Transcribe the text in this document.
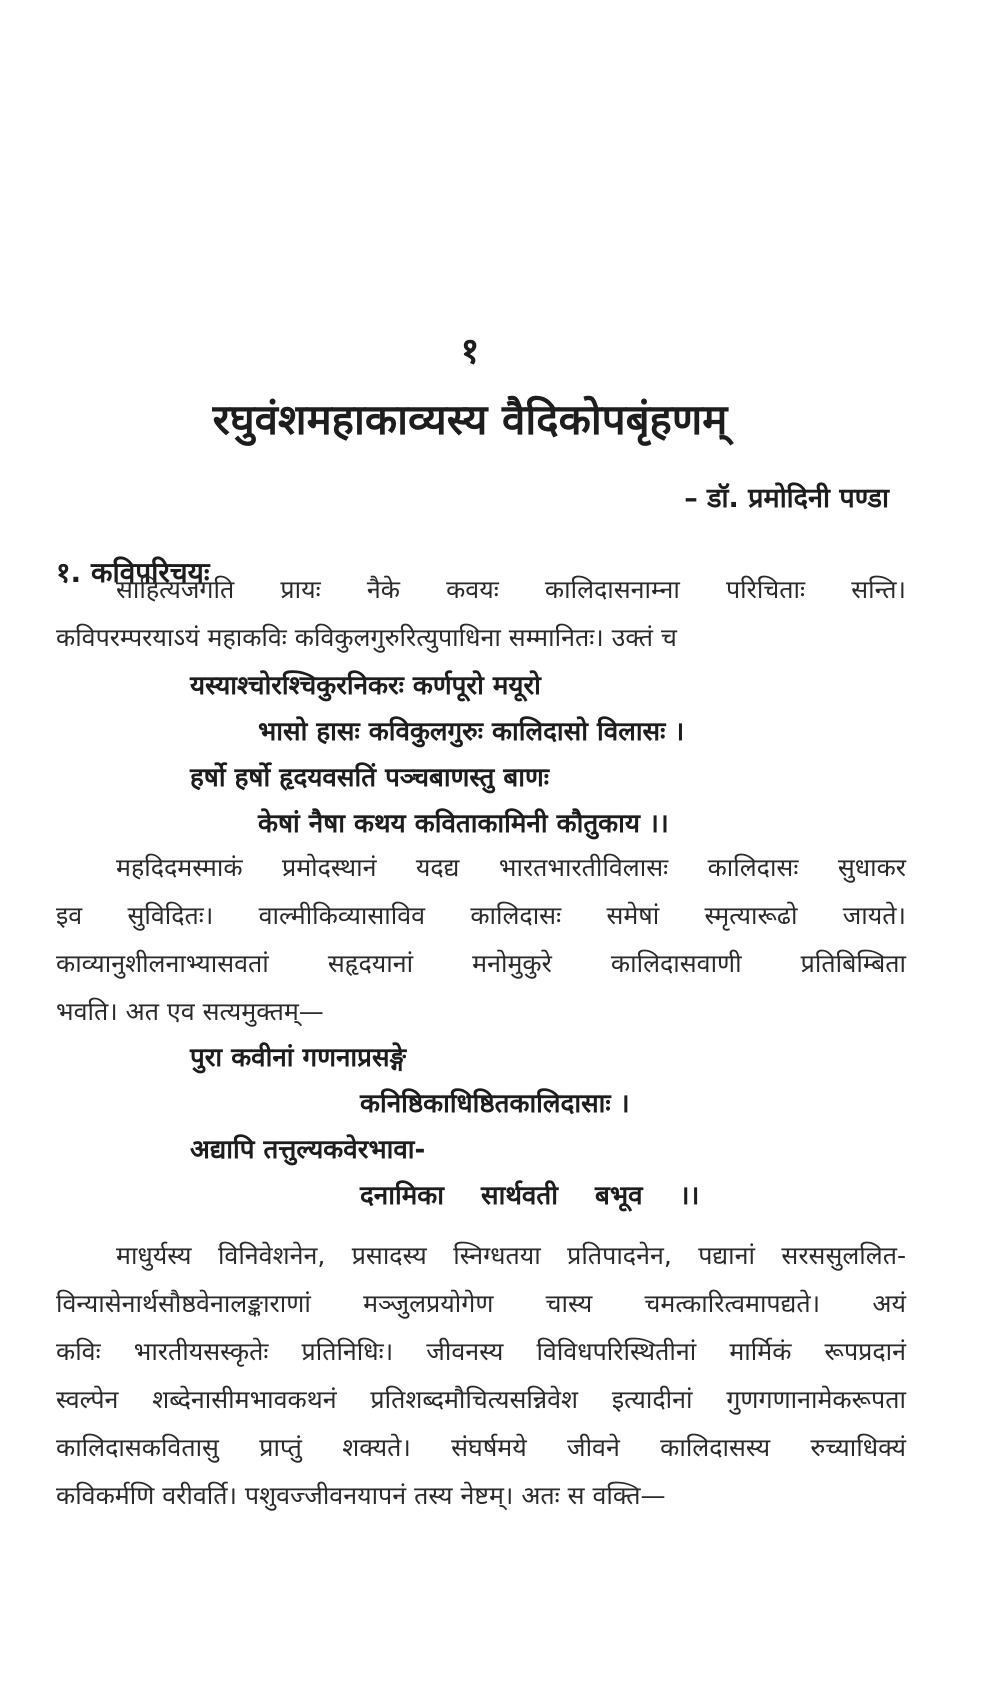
१
रघुवंशमहाकाव्यस्य वैदिकोपबृंहणम्
– डॉ. प्रमोदिनी पण्डा
१. कविपरिचयः
साहित्यजगति प्रायः नैके कवयः कालिदासनाम्ना परिचिताः सन्ति।
कविपरम्परयाऽयं महाकविः कविकुलगुरुरित्युपाधिना सम्मानितः। उक्तं च
यस्याश्चोरश्चिकुरनिकरः कर्णपूरो मयूरो
भासो हासः कविकुलगुरुः कालिदासो विलासः ।
हर्षो हर्षो हृदयवसतिं पञ्चबाणस्तु बाणः
केषां नैषा कथय कविताकामिनी कौतुकाय ।।
महदिदमस्माकं प्रमोदस्थानं यदद्य भारतभारतीविलासः कालिदासः सुधाकर
इव सुविदितः। वाल्मीकिव्यासाविव कालिदासः समेषां स्मृत्यारूढो जायते।
काव्यानुशीलनाभ्यासवतां सहृदयानां मनोमुकुरे कालिदासवाणी प्रतिबिम्बिता
भवति। अत एव सत्यमुक्तम्—
पुरा कवीनां गणनाप्रसङ्गे
कनिष्ठिकाधिष्ठितकालिदासाः ।
अद्यापि तत्तुल्यकवेरभावा-
दनामिका सार्थवती बभूव ।।
माधुर्यस्य विनिवेशनेन, प्रसादस्य स्निग्धतया प्रतिपादनेन, पद्यानां सरससुललित-
विन्यासेनार्थसौष्ठवेनालङ्काराणां मञ्जुलप्रयोगेण चास्य चमत्कारित्वमापद्यते। अयं
कविः भारतीयसस्कृतेः प्रतिनिधिः। जीवनस्य विविधपरिस्थितीनां मार्मिकं रूपप्रदानं
स्वल्पेन शब्देनासीमभावकथनं प्रतिशब्दमौचित्यसन्निवेश इत्यादीनां गुणगणानामेकरूपता
कालिदासकवितासु प्राप्तुं शक्यते। संघर्षमये जीवने कालिदासस्य रुच्याधिक्यं
कविकर्मणि वरीवर्ति। पशुवज्जीवनयापनं तस्य नेष्टम्। अतः स वक्ति—
